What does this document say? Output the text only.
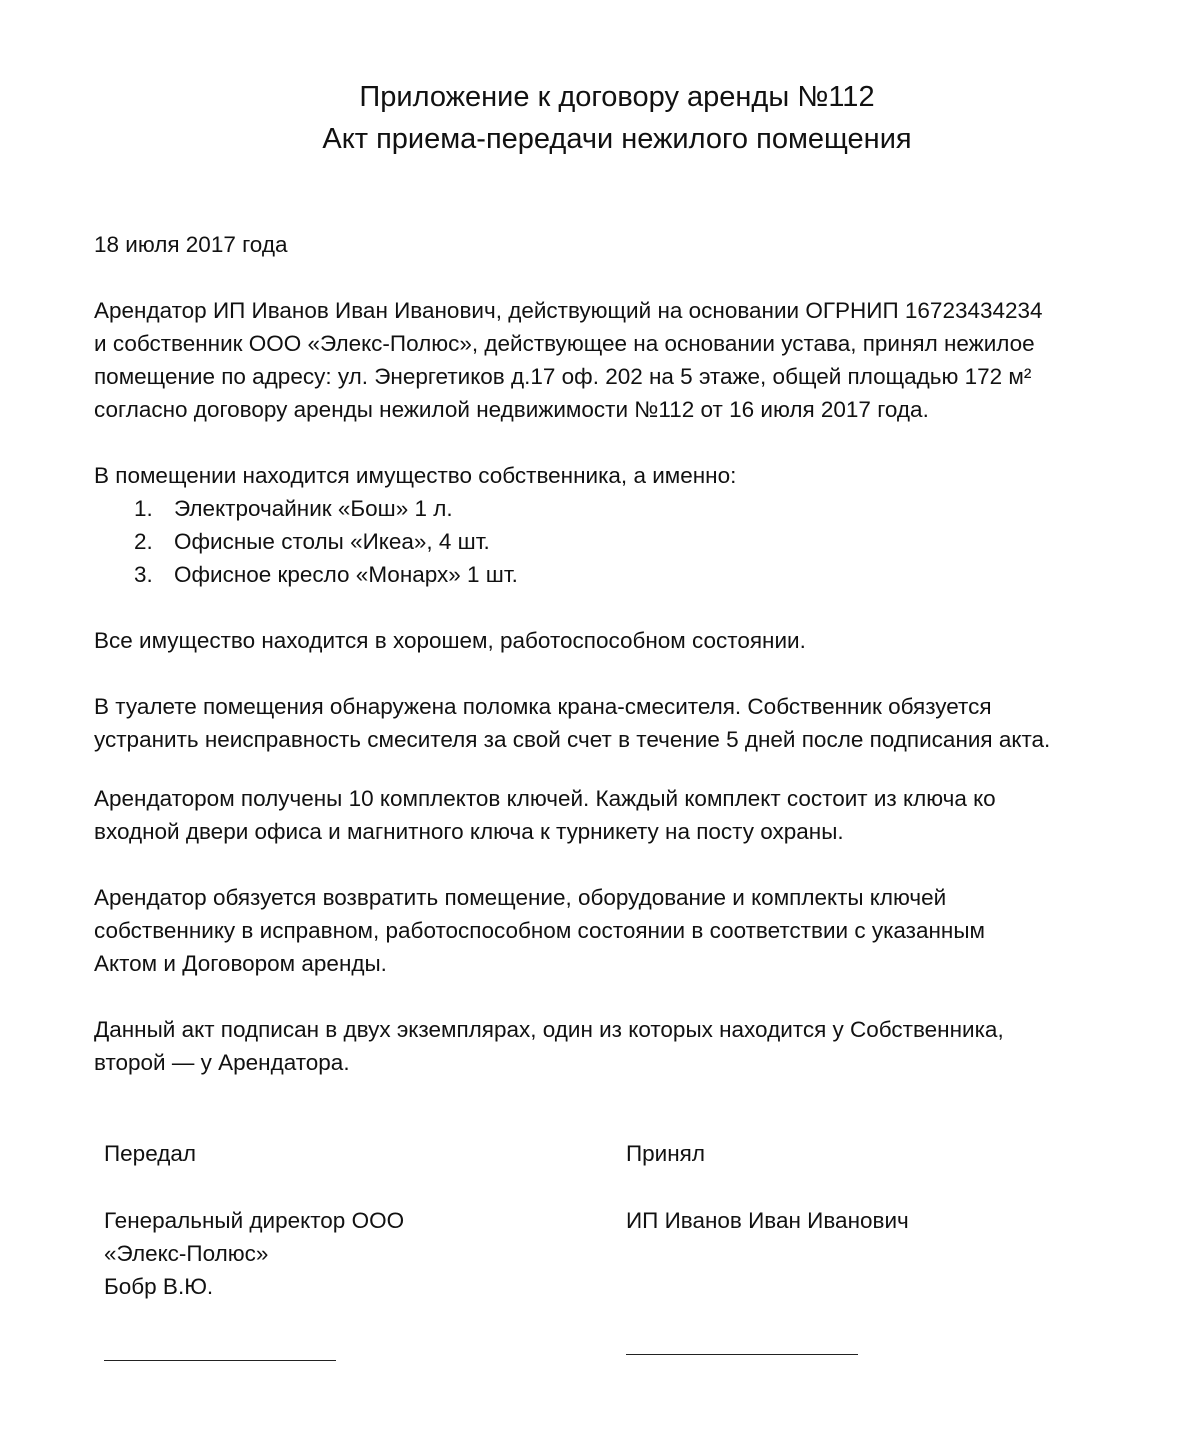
Приложение к договору аренды №112
Акт приема-передачи нежилого помещения
18 июля 2017 года
Арендатор ИП Иванов Иван Иванович, действующий на основании ОГРНИП 16723434234
и собственник ООО «Элекс-Полюс», действующее на основании устава, принял нежилое
помещение по адресу: ул. Энергетиков д.17 оф. 202 на 5 этаже, общей площадью 172 м²
согласно договору аренды нежилой недвижимости №112 от 16 июля 2017 года.
В помещении находится имущество собственника, а именно:
1. Электрочайник «Бош» 1 л.
2. Офисные столы «Икеа», 4 шт.
3. Офисное кресло «Монарх» 1 шт.
Все имущество находится в хорошем, работоспособном состоянии.
В туалете помещения обнаружена поломка крана-смесителя. Собственник обязуется
устранить неисправность смесителя за свой счет в течение 5 дней после подписания акта.
Арендатором получены 10 комплектов ключей. Каждый комплект состоит из ключа ко
входной двери офиса и магнитного ключа к турникету на посту охраны.
Арендатор обязуется возвратить помещение, оборудование и комплекты ключей
собственнику в исправном, работоспособном состоянии в соответствии с указанным
Актом и Договором аренды.
Данный акт подписан в двух экземплярах, один из которых находится у Собственника,
второй — у Арендатора.
Передал
Генеральный директор ООО
«Элекс-Полюс»
Бобр В.Ю.
Принял
ИП Иванов Иван Иванович
